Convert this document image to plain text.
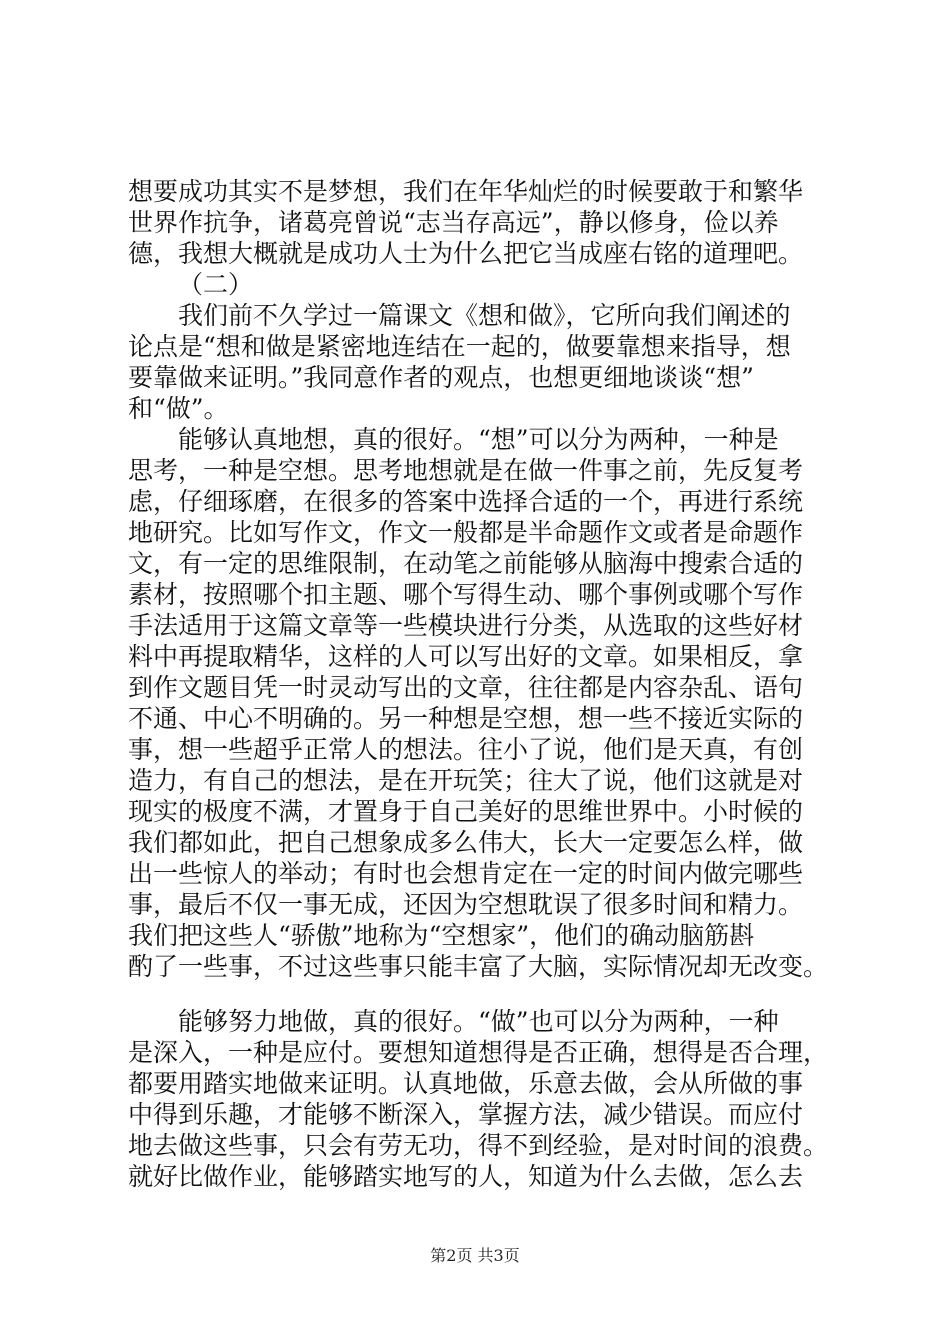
想要成功其实不是梦想，我们在年华灿烂的时候要敢于和繁华
世界作抗争，诸葛亮曾说“志当存高远”，静以修身，俭以养
德，我想大概就是成功人士为什么把它当成座右铭的道理吧。
（二）
我们前不久学过一篇课文《想和做》，它所向我们阐述的
论点是“想和做是紧密地连结在一起的，做要靠想来指导，想
要靠做来证明。”我同意作者的观点，也想更细地谈谈“想”
和“做”。
能够认真地想，真的很好。“想”可以分为两种，一种是
思考，一种是空想。思考地想就是在做一件事之前，先反复考
虑，仔细琢磨，在很多的答案中选择合适的一个，再进行系统
地研究。比如写作文，作文一般都是半命题作文或者是命题作
文，有一定的思维限制，在动笔之前能够从脑海中搜索合适的
素材，按照哪个扣主题、哪个写得生动、哪个事例或哪个写作
手法适用于这篇文章等一些模块进行分类，从选取的这些好材
料中再提取精华，这样的人可以写出好的文章。如果相反，拿
到作文题目凭一时灵动写出的文章，往往都是内容杂乱、语句
不通、中心不明确的。另一种想是空想，想一些不接近实际的
事，想一些超乎正常人的想法。往小了说，他们是天真，有创
造力，有自己的想法，是在开玩笑；往大了说，他们这就是对
现实的极度不满，才置身于自己美好的思维世界中。小时候的
我们都如此，把自己想象成多么伟大，长大一定要怎么样，做
出一些惊人的举动；有时也会想肯定在一定的时间内做完哪些
事，最后不仅一事无成，还因为空想耽误了很多时间和精力。
我们把这些人“骄傲”地称为“空想家”，他们的确动脑筋斟
酌了一些事，不过这些事只能丰富了大脑，实际情况却无改变。
能够努力地做，真的很好。“做”也可以分为两种，一种
是深入，一种是应付。要想知道想得是否正确，想得是否合理，
都要用踏实地做来证明。认真地做，乐意去做，会从所做的事
中得到乐趣，才能够不断深入，掌握方法，减少错误。而应付
地去做这些事，只会有劳无功，得不到经验，是对时间的浪费。
就好比做作业，能够踏实地写的人，知道为什么去做，怎么去
第2页 共3页
